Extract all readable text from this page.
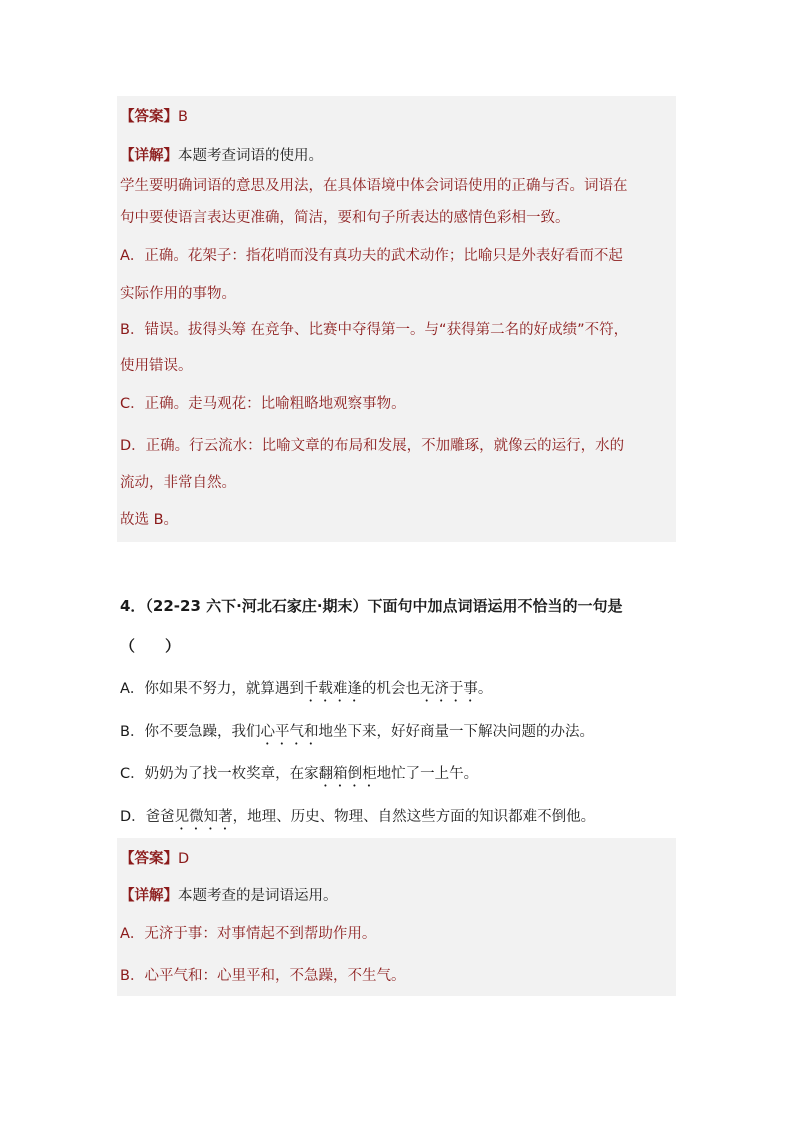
【答案】B
【详解】本题考查词语的使用。
学生要明确词语的意思及用法，在具体语境中体会词语使用的正确与否。词语在
句中要使语言表达更准确，简洁，要和句子所表达的感情色彩相一致。
A．正确。花架子：指花哨而没有真功夫的武术动作；比喻只是外表好看而不起
实际作用的事物。
B．错误。拔得头筹 在竞争、比赛中夺得第一。与“获得第二名的好成绩”不符，
使用错误。
C．正确。走马观花：比喻粗略地观察事物。
D．正确。行云流水：比喻文章的布局和发展，不加雕琢，就像云的运行，水的
流动，非常自然。
故选 B。
4．（22-23 六下·河北石家庄·期末）下面句中加点词语运用不恰当的一句是
（　　）
A．你如果不努力，就算遇到千载难逢的机会也无济于事。
B．你不要急躁，我们心平气和地坐下来，好好商量一下解决问题的办法。
C．奶奶为了找一枚奖章，在家翻箱倒柜地忙了一上午。
D．爸爸见微知著，地理、历史、物理、自然这些方面的知识都难不倒他。
【答案】D
【详解】本题考查的是词语运用。
A．无济于事：对事情起不到帮助作用。
B．心平气和：心里平和，不急躁，不生气。
